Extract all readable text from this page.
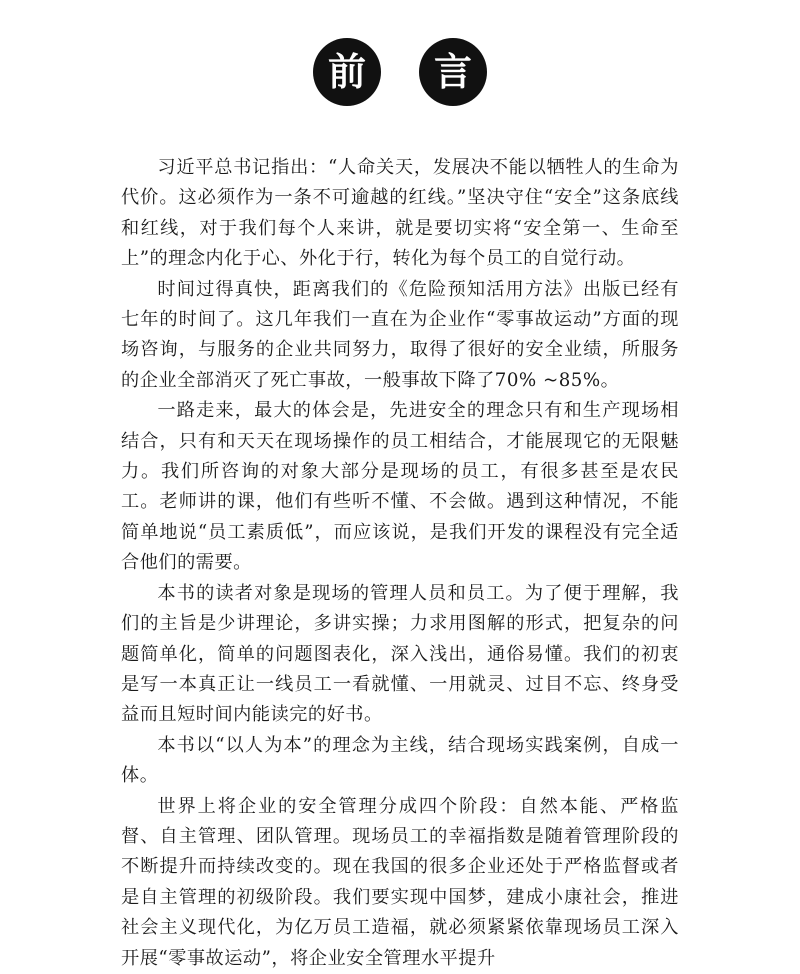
前	言

习近平总书记指出：“人命关天，发展决不能以牺牲人的生命为代价。这必须作为一条不可逾越的红线。”坚决守住“安全”这条底线和红线，对于我们每个人来讲，就是要切实将“安全第一、生命至上”的理念内化于心、外化于行，转化为每个员工的自觉行动。

时间过得真快，距离我们的《危险预知活用方法》出版已经有七年的时间了。这几年我们一直在为企业作“零事故运动”方面的现场咨询，与服务的企业共同努力，取得了很好的安全业绩，所服务的企业全部消灭了死亡事故，一般事故下降了70% ~85%。

一路走来，最大的体会是，先进安全的理念只有和生产现场相结合，只有和天天在现场操作的员工相结合，才能展现它的无限魅力。我们所咨询的对象大部分是现场的员工，有很多甚至是农民工。老师讲的课，他们有些听不懂、不会做。遇到这种情况，不能简单地说“员工素质低”，而应该说，是我们开发的课程没有完全适合他们的需要。

本书的读者对象是现场的管理人员和员工。为了便于理解，我们的主旨是少讲理论，多讲实操；力求用图解的形式，把复杂的问题简单化，简单的问题图表化，深入浅出，通俗易懂。我们的初衷是写一本真正让一线员工一看就懂、一用就灵、过目不忘、终身受益而且短时间内能读完的好书。

本书以“以人为本”的理念为主线，结合现场实践案例，自成一体。

世界上将企业的安全管理分成四个阶段：自然本能、严格监督、自主管理、团队管理。现场员工的幸福指数是随着管理阶段的不断提升而持续改变的。现在我国的很多企业还处于严格监督或者是自主管理的初级阶段。我们要实现中国梦，建成小康社会，推进社会主义现代化，为亿万员工造福，就必须紧紧依靠现场员工深入开展“零事故运动”，将企业安全管理水平提升
